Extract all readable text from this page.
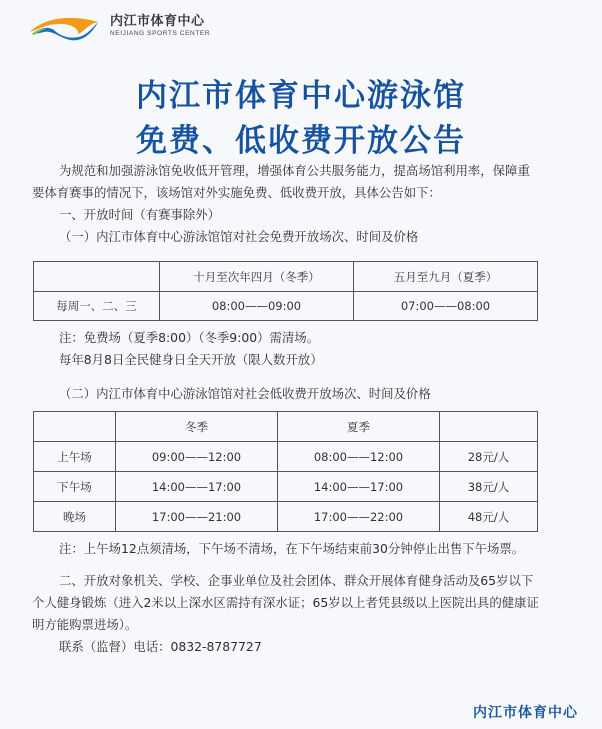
内江市体育中心
NEIJIANG SPORTS CENTER
内江市体育中心游泳馆
免费、低收费开放公告
为规范和加强游泳馆免收低开管理，增强体育公共服务能力，提高场馆利用率，保障重
要体育赛事的情况下，该场馆对外实施免费、低收费开放，具体公告如下：
一、开放时间（有赛事除外）
（一）内江市体育中心游泳馆馆对社会免费开放场次、时间及价格
	十月至次年四月（冬季）	五月至九月（夏季）
每周一、二、三	08:00——09:00	07:00——08:00
注：免费场（夏季8:00）（冬季9:00）需清场。
每年8月8日全民健身日全天开放（限人数开放）
（二）内江市体育中心游泳馆馆对社会低收费开放场次、时间及价格
	冬季	夏季	
上午场	09:00——12:00	08:00——12:00	28元/人
下午场	14:00——17:00	14:00——17:00	38元/人
晚场	17:00——21:00	17:00——22:00	48元/人
注：上午场12点须清场，下午场不清场，在下午场结束前30分钟停止出售下午场票。
二、开放对象机关、学校、企事业单位及社会团体、群众开展体育健身活动及65岁以下
个人健身锻炼（进入2米以上深水区需持有深水证；65岁以上者凭县级以上医院出具的健康证
明方能购票进场）。
联系（监督）电话：0832-8787727
内江市体育中心
